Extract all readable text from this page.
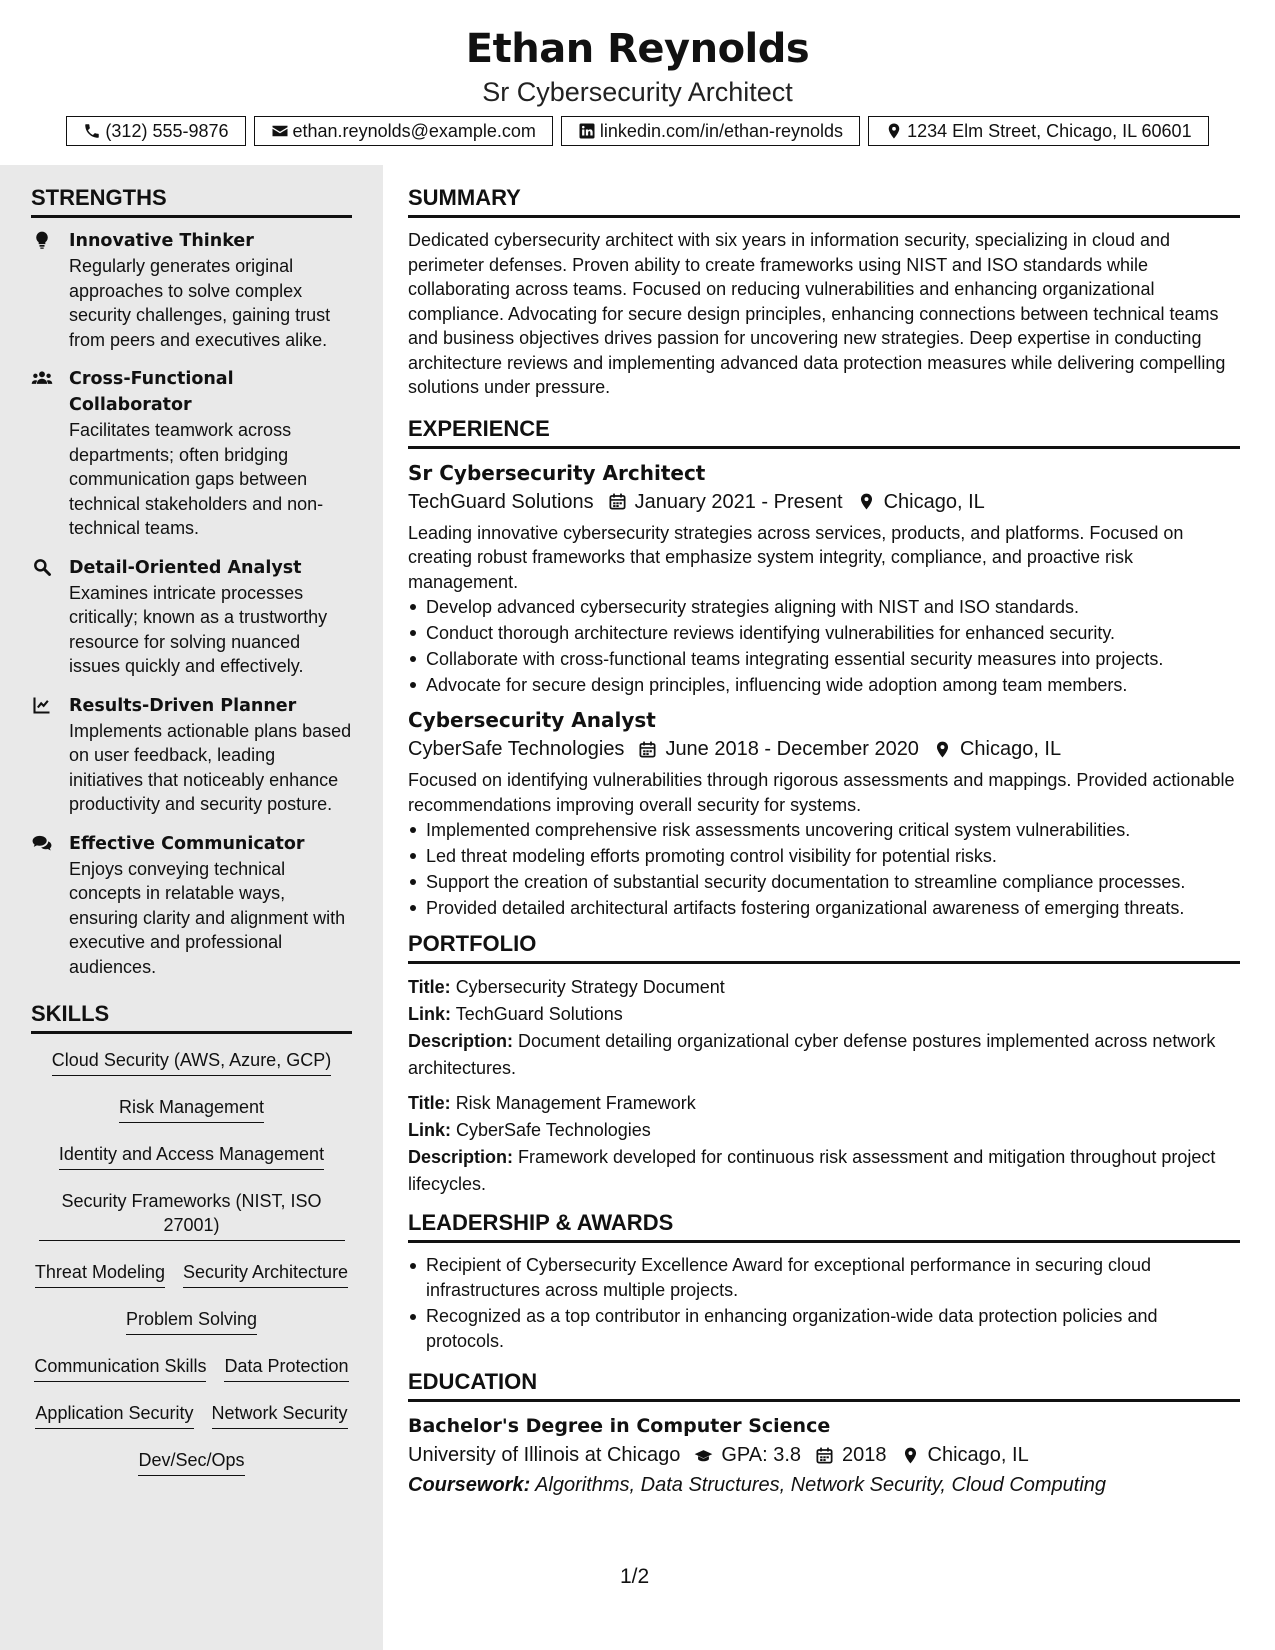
Ethan Reynolds
Sr Cybersecurity Architect
(312) 555-9876	ethan.reynolds@example.com	linkedin.com/in/ethan-reynolds	1234 Elm Street, Chicago, IL 60601
STRENGTHS
Innovative Thinker
Regularly generates original approaches to solve complex security challenges, gaining trust from peers and executives alike.
Cross-Functional Collaborator
Facilitates teamwork across departments; often bridging communication gaps between technical stakeholders and non-technical teams.
Detail-Oriented Analyst
Examines intricate processes critically; known as a trustworthy resource for solving nuanced issues quickly and effectively.
Results-Driven Planner
Implements actionable plans based on user feedback, leading initiatives that noticeably enhance productivity and security posture.
Effective Communicator
Enjoys conveying technical concepts in relatable ways, ensuring clarity and alignment with executive and professional audiences.
SKILLS
Cloud Security (AWS, Azure, GCP)
Risk Management
Identity and Access Management
Security Frameworks (NIST, ISO 27001)
Threat Modeling Security Architecture
Problem Solving
Communication Skills Data Protection
Application Security Network Security
Dev/Sec/Ops
SUMMARY
Dedicated cybersecurity architect with six years in information security, specializing in cloud and perimeter defenses. Proven ability to create frameworks using NIST and ISO standards while collaborating across teams. Focused on reducing vulnerabilities and enhancing organizational compliance. Advocating for secure design principles, enhancing connections between technical teams and business objectives drives passion for uncovering new strategies. Deep expertise in conducting architecture reviews and implementing advanced data protection measures while delivering compelling solutions under pressure.
EXPERIENCE
Sr Cybersecurity Architect
TechGuard Solutions January 2021 - Present Chicago, IL
Leading innovative cybersecurity strategies across services, products, and platforms. Focused on creating robust frameworks that emphasize system integrity, compliance, and proactive risk management.
Develop advanced cybersecurity strategies aligning with NIST and ISO standards.
Conduct thorough architecture reviews identifying vulnerabilities for enhanced security.
Collaborate with cross-functional teams integrating essential security measures into projects.
Advocate for secure design principles, influencing wide adoption among team members.
Cybersecurity Analyst
CyberSafe Technologies June 2018 - December 2020 Chicago, IL
Focused on identifying vulnerabilities through rigorous assessments and mappings. Provided actionable recommendations improving overall security for systems.
Implemented comprehensive risk assessments uncovering critical system vulnerabilities.
Led threat modeling efforts promoting control visibility for potential risks.
Support the creation of substantial security documentation to streamline compliance processes.
Provided detailed architectural artifacts fostering organizational awareness of emerging threats.
PORTFOLIO
Title: Cybersecurity Strategy Document
Link: TechGuard Solutions
Description: Document detailing organizational cyber defense postures implemented across network architectures.
Title: Risk Management Framework
Link: CyberSafe Technologies
Description: Framework developed for continuous risk assessment and mitigation throughout project lifecycles.
LEADERSHIP & AWARDS
Recipient of Cybersecurity Excellence Award for exceptional performance in securing cloud infrastructures across multiple projects.
Recognized as a top contributor in enhancing organization-wide data protection policies and protocols.
EDUCATION
Bachelor's Degree in Computer Science
University of Illinois at Chicago GPA: 3.8 2018 Chicago, IL
Coursework: Algorithms, Data Structures, Network Security, Cloud Computing
1/2
